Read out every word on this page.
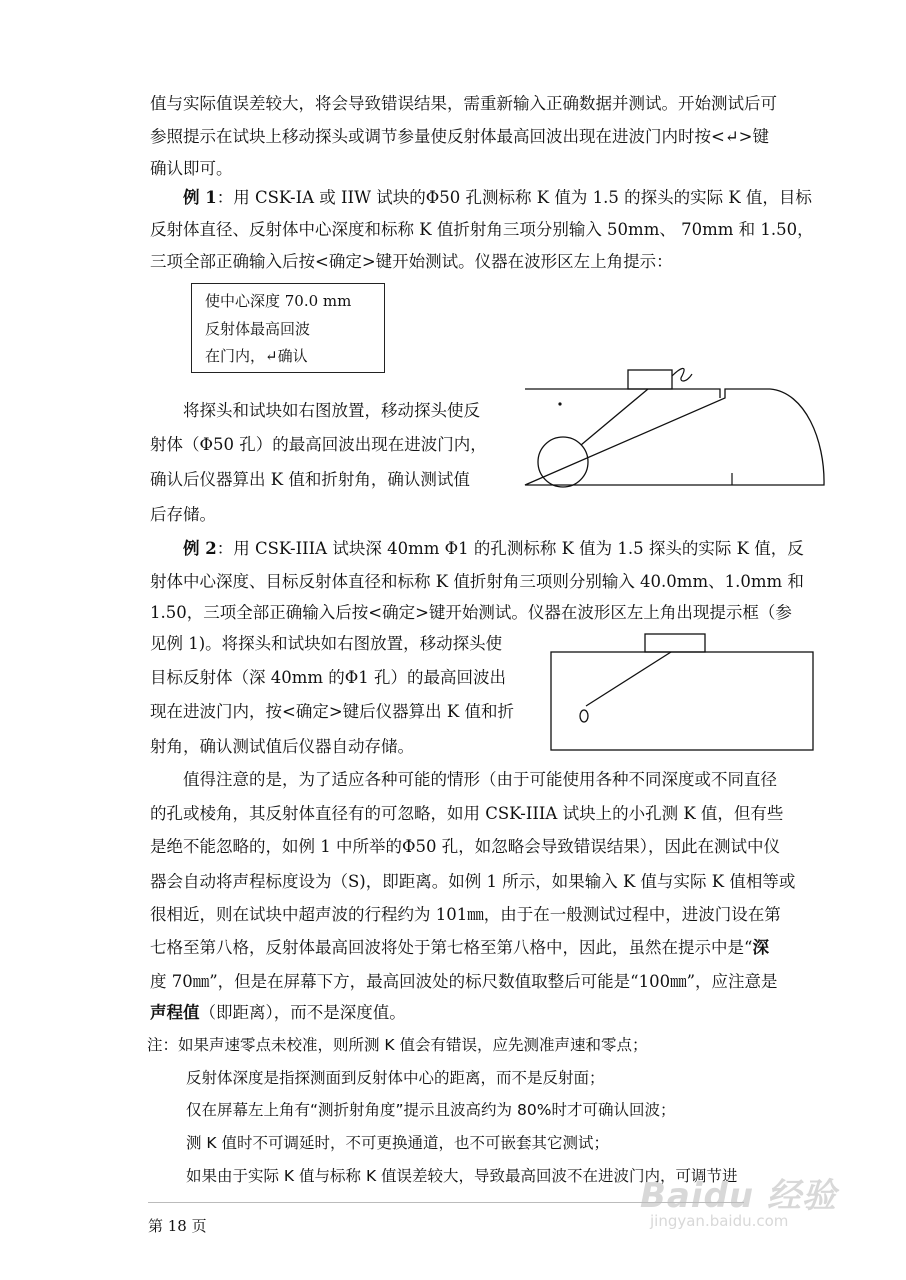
值与实际值误差较大，将会导致错误结果，需重新输入正确数据并测试。开始测试后可
参照提示在试块上移动探头或调节参量使反射体最高回波出现在进波门内时按<↵>键
确认即可。
例 1：用 CSK-IA 或 IIW 试块的Φ50 孔测标称 K 值为 1.5 的探头的实际 K 值，目标
反射体直径、反射体中心深度和标称 K 值折射角三项分别输入 50mm、 70mm 和 1.50，
三项全部正确输入后按<确定>键开始测试。仪器在波形区左上角提示：
使中心深度 70.0 mm
反射体最高回波
在门内，↵确认
将探头和试块如右图放置，移动探头使反
射体（Φ50 孔）的最高回波出现在进波门内，
确认后仪器算出 K 值和折射角，确认测试值
后存储。
例 2：用 CSK-IIIA 试块深 40mm Φ1 的孔测标称 K 值为 1.5 探头的实际 K 值，反
射体中心深度、目标反射体直径和标称 K 值折射角三项则分别输入 40.0mm、1.0mm 和
1.50，三项全部正确输入后按<确定>键开始测试。仪器在波形区左上角出现提示框（参
见例 1)。将探头和试块如右图放置，移动探头使
目标反射体（深 40mm 的Φ1 孔）的最高回波出
现在进波门内，按<确定>键后仪器算出 K 值和折
射角，确认测试值后仪器自动存储。
值得注意的是，为了适应各种可能的情形（由于可能使用各种不同深度或不同直径
的孔或棱角，其反射体直径有的可忽略，如用 CSK-IIIA 试块上的小孔测 K 值，但有些
是绝不能忽略的，如例 1 中所举的Φ50 孔，如忽略会导致错误结果），因此在测试中仪
器会自动将声程标度设为（S)，即距离。如例 1 所示，如果输入 K 值与实际 K 值相等或
很相近，则在试块中超声波的行程约为 101㎜，由于在一般测试过程中，进波门设在第
七格至第八格，反射体最高回波将处于第七格至第八格中，因此，虽然在提示中是“深
度 70㎜”，但是在屏幕下方，最高回波处的标尺数值取整后可能是“100㎜”，应注意是
声程值（即距离），而不是深度值。
注：如果声速零点未校准，则所测 K 值会有错误，应先测准声速和零点；
反射体深度是指探测面到反射体中心的距离，而不是反射面；
仅在屏幕左上角有“测折射角度”提示且波高约为 80%时才可确认回波；
测 K 值时不可调延时，不可更换通道，也不可嵌套其它测试；
如果由于实际 K 值与标称 K 值误差较大，导致最高回波不在进波门内，可调节进
Baidu 经验
jingyan.baidu.com
第 18 页
